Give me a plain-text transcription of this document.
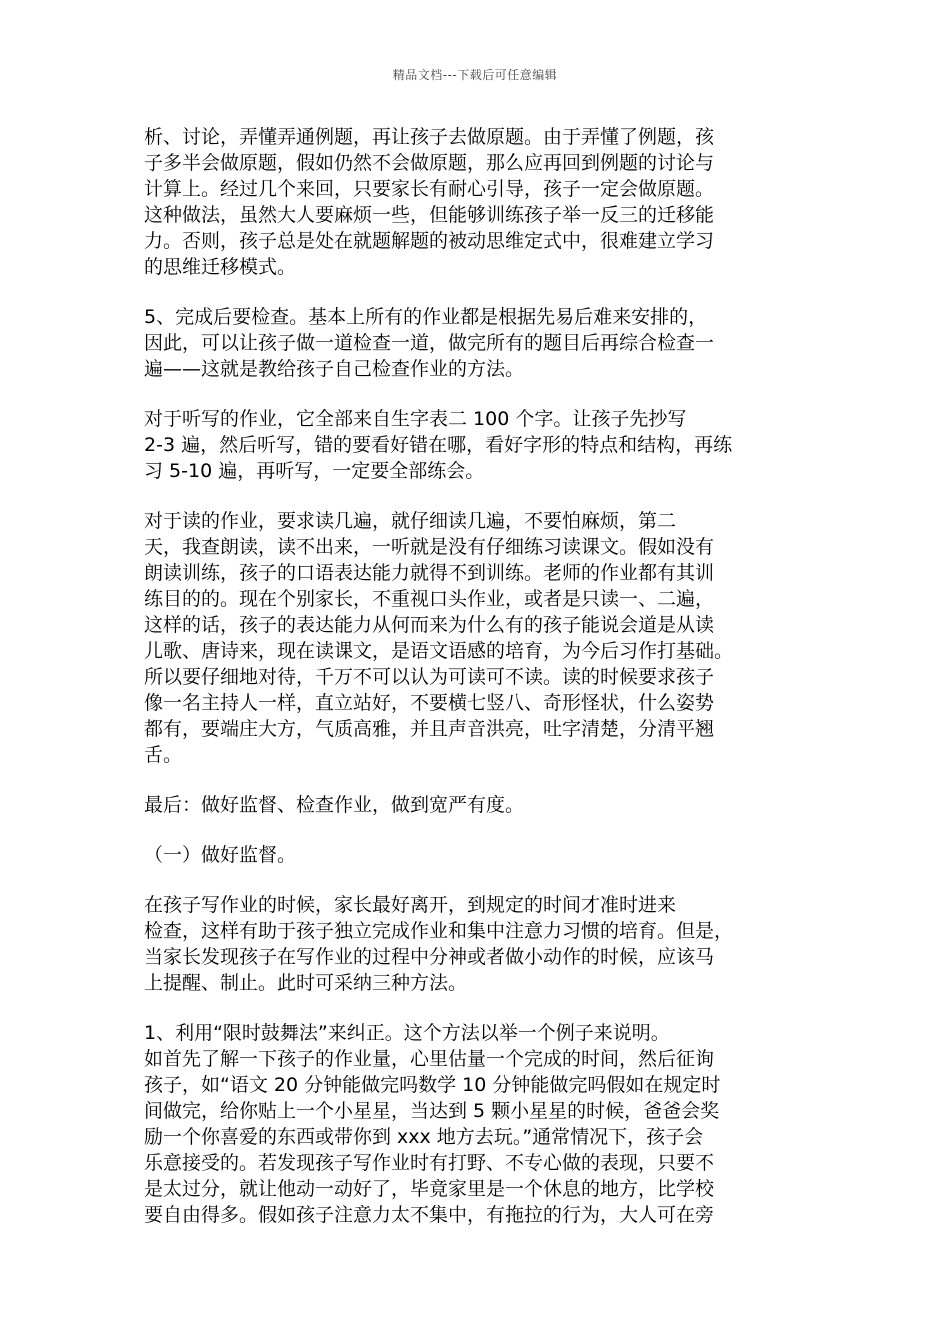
精品文档---下载后可任意编辑

析、讨论，弄懂弄通例题，再让孩子去做原题。由于弄懂了例题，孩
子多半会做原题，假如仍然不会做原题，那么应再回到例题的讨论与
计算上。经过几个来回，只要家长有耐心引导，孩子一定会做原题。
这种做法，虽然大人要麻烦一些，但能够训练孩子举一反三的迁移能
力。否则，孩子总是处在就题解题的被动思维定式中，很难建立学习
的思维迁移模式。

5、完成后要检查。基本上所有的作业都是根据先易后难来安排的，
因此，可以让孩子做一道检查一道，做完所有的题目后再综合检查一
遍——这就是教给孩子自己检查作业的方法。

对于听写的作业，它全部来自生字表二 100 个字。让孩子先抄写
2-3 遍，然后听写，错的要看好错在哪，看好字形的特点和结构，再练
习 5-10 遍，再听写，一定要全部练会。

对于读的作业，要求读几遍，就仔细读几遍，不要怕麻烦，第二
天，我查朗读，读不出来，一听就是没有仔细练习读课文。假如没有
朗读训练，孩子的口语表达能力就得不到训练。老师的作业都有其训
练目的的。现在个别家长，不重视口头作业，或者是只读一、二遍，
这样的话，孩子的表达能力从何而来为什么有的孩子能说会道是从读
儿歌、唐诗来，现在读课文，是语文语感的培育，为今后习作打基础。
所以要仔细地对待，千万不可以认为可读可不读。读的时候要求孩子
像一名主持人一样，直立站好，不要横七竖八、奇形怪状，什么姿势
都有，要端庄大方，气质高雅，并且声音洪亮，吐字清楚，分清平翘
舌。

最后：做好监督、检查作业，做到宽严有度。

（一）做好监督。

在孩子写作业的时候，家长最好离开，到规定的时间才准时进来
检查，这样有助于孩子独立完成作业和集中注意力习惯的培育。但是，
当家长发现孩子在写作业的过程中分神或者做小动作的时候，应该马
上提醒、制止。此时可采纳三种方法。

1、利用“限时鼓舞法”来纠正。这个方法以举一个例子来说明。
如首先了解一下孩子的作业量，心里估量一个完成的时间，然后征询
孩子，如“语文 20 分钟能做完吗数学 10 分钟能做完吗假如在规定时
间做完，给你贴上一个小星星，当达到 5 颗小星星的时候，爸爸会奖
励一个你喜爱的东西或带你到 xxx 地方去玩。”通常情况下，孩子会
乐意接受的。若发现孩子写作业时有打野、不专心做的表现，只要不
是太过分，就让他动一动好了，毕竟家里是一个休息的地方，比学校
要自由得多。假如孩子注意力太不集中，有拖拉的行为，大人可在旁
